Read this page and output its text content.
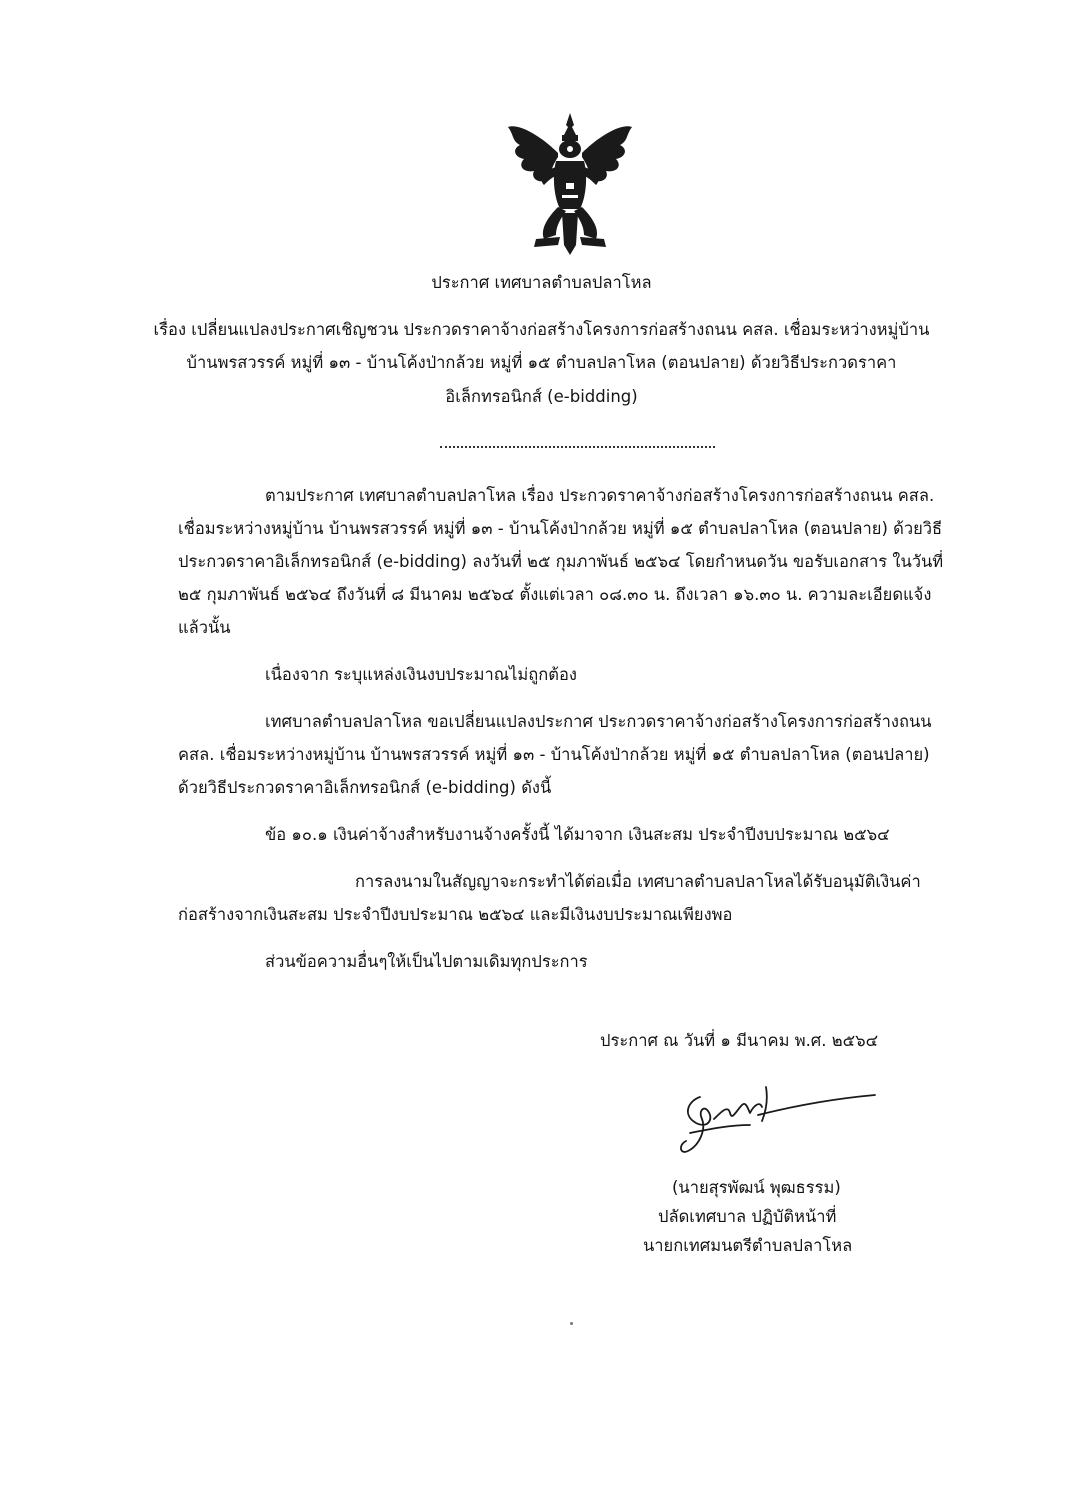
ประกาศ เทศบาลตำบลปลาโหล
เรื่อง เปลี่ยนแปลงประกาศเชิญชวน ประกวดราคาจ้างก่อสร้างโครงการก่อสร้างถนน คสล. เชื่อมระหว่างหมู่บ้าน
บ้านพรสวรรค์ หมู่ที่ ๑๓ - บ้านโค้งป่ากล้วย หมู่ที่ ๑๕ ตำบลปลาโหล (ตอนปลาย) ด้วยวิธีประกวดราคา
อิเล็กทรอนิกส์ (e-bidding)
ตามประกาศ เทศบาลตำบลปลาโหล เรื่อง ประกวดราคาจ้างก่อสร้างโครงการก่อสร้างถนน คสล.
เชื่อมระหว่างหมู่บ้าน บ้านพรสวรรค์ หมู่ที่ ๑๓ - บ้านโค้งป่ากล้วย หมู่ที่ ๑๕ ตำบลปลาโหล (ตอนปลาย) ด้วยวิธี
ประกวดราคาอิเล็กทรอนิกส์ (e-bidding) ลงวันที่ ๒๕ กุมภาพันธ์ ๒๕๖๔ โดยกำหนดวัน ขอรับเอกสาร ในวันที่
๒๕ กุมภาพันธ์ ๒๕๖๔ ถึงวันที่ ๘ มีนาคม ๒๕๖๔ ตั้งแต่เวลา ๐๘.๓๐ น. ถึงเวลา ๑๖.๓๐ น. ความละเอียดแจ้ง
แล้วนั้น
เนื่องจาก ระบุแหล่งเงินงบประมาณไม่ถูกต้อง
เทศบาลตำบลปลาโหล ขอเปลี่ยนแปลงประกาศ ประกวดราคาจ้างก่อสร้างโครงการก่อสร้างถนน
คสล. เชื่อมระหว่างหมู่บ้าน บ้านพรสวรรค์ หมู่ที่ ๑๓ - บ้านโค้งป่ากล้วย หมู่ที่ ๑๕ ตำบลปลาโหล (ตอนปลาย)
ด้วยวิธีประกวดราคาอิเล็กทรอนิกส์ (e-bidding) ดังนี้
ข้อ ๑๐.๑ เงินค่าจ้างสำหรับงานจ้างครั้งนี้ ได้มาจาก เงินสะสม ประจำปีงบประมาณ ๒๕๖๔
การลงนามในสัญญาจะกระทำได้ต่อเมื่อ เทศบาลตำบลปลาโหลได้รับอนุมัติเงินค่า
ก่อสร้างจากเงินสะสม ประจำปีงบประมาณ ๒๕๖๔ และมีเงินงบประมาณเพียงพอ
ส่วนข้อความอื่นๆให้เป็นไปตามเดิมทุกประการ
ประกาศ ณ วันที่ ๑ มีนาคม พ.ศ. ๒๕๖๔
(นายสุรพัฒน์ พุฒธรรม)
ปลัดเทศบาล ปฏิบัติหน้าที่
นายกเทศมนตรีตำบลปลาโหล
